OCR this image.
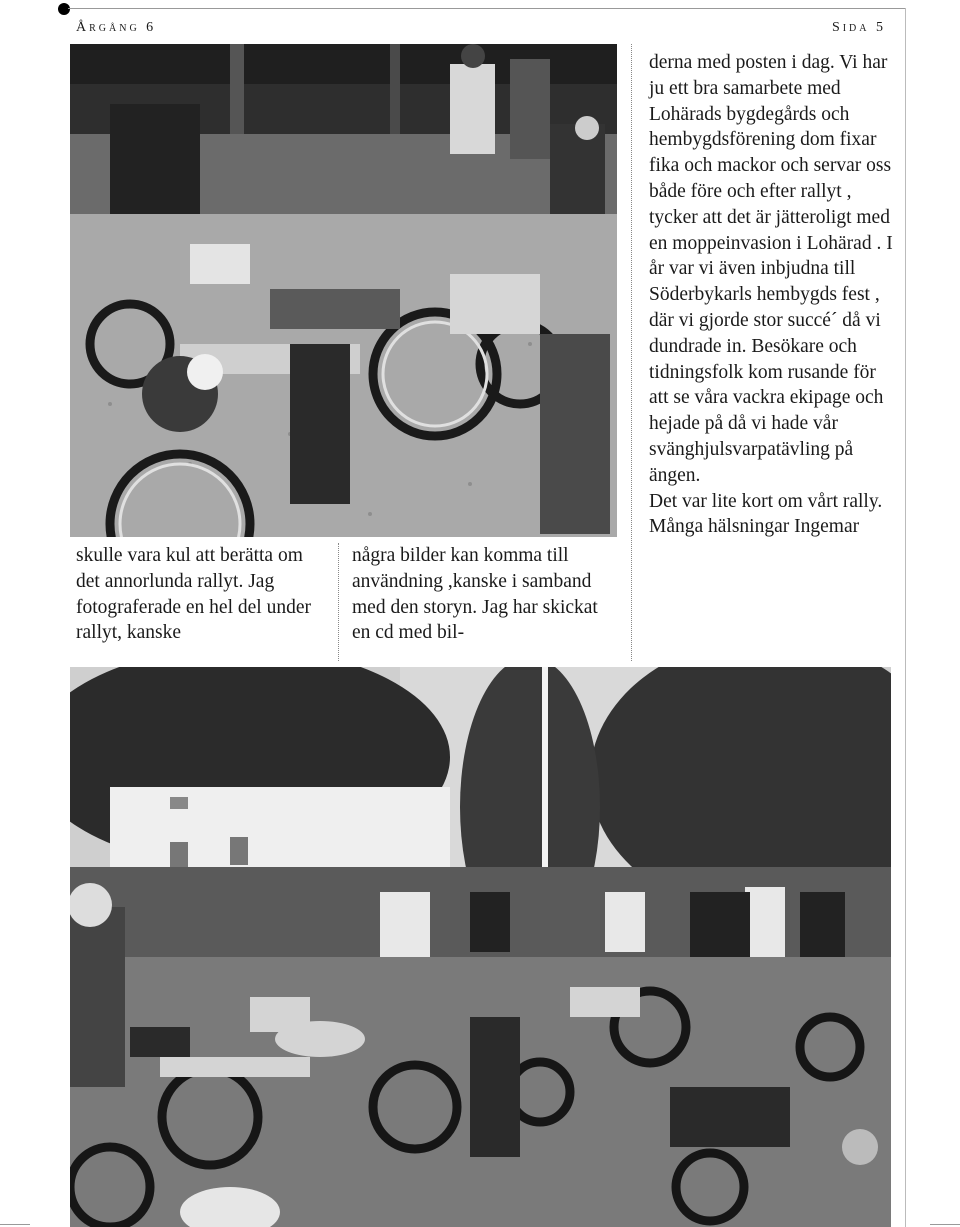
Årgång 6	Sida 5

skulle vara kul att berätta om det annorlunda rallyt. Jag fotograferade en hel del under rallyt, kanske

några bilder kan komma till användning ,kanske i samband med den storyn. Jag har skickat en cd med bil-

derna med posten i dag. Vi har ju ett bra samarbete med Lohärads bygdegårds och hembygdsförening dom fixar fika och mackor och servar oss både före och efter rallyt , tycker att det är jätteroligt med en moppeinvasion i Lohärad . I år var vi även inbjudna till Söderbykarls hembygds fest , där vi gjorde stor succé´ då vi dundrade in. Besökare och tidningsfolk kom rusande för att se våra vackra ekipage och hejade på då vi hade vår svänghjulsvarpatävling på ängen.

Det var lite kort om vårt rally. Många hälsningar Ingemar
